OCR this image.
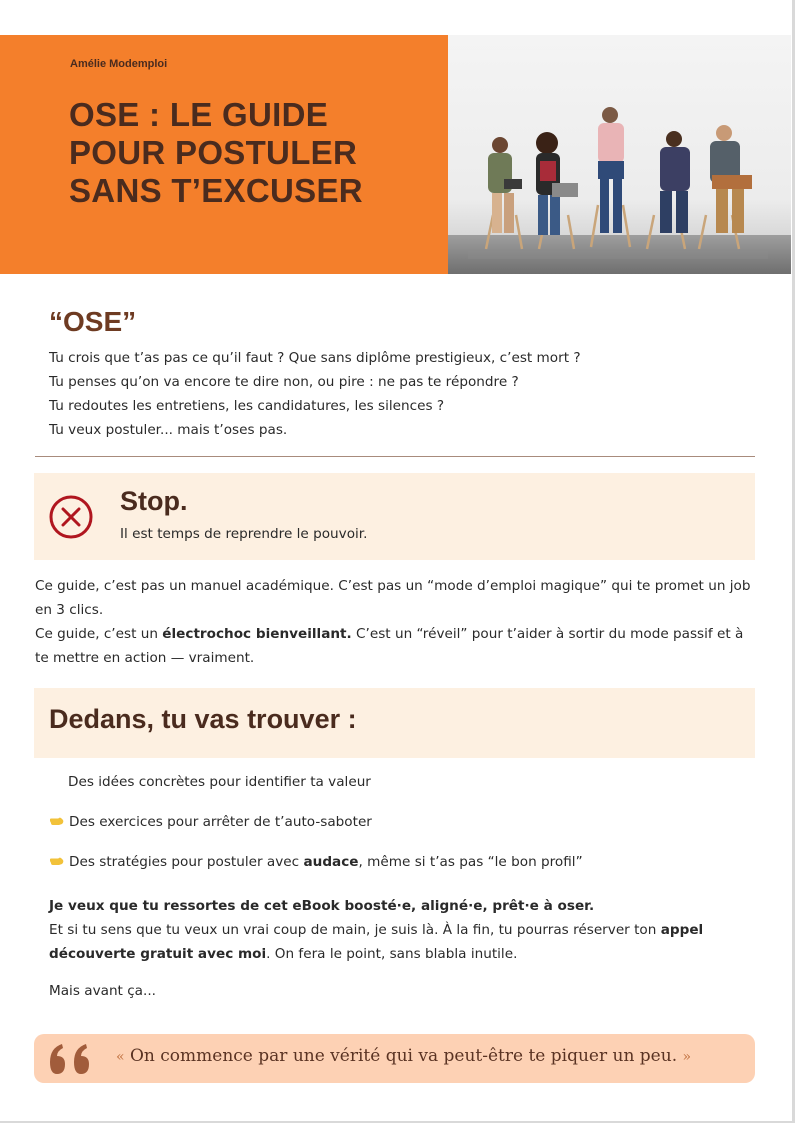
Amélie Modemploi
OSE : LE GUIDE
POUR POSTULER
SANS T’EXCUSER
“OSE”
Tu crois que t’as pas ce qu’il faut ? Que sans diplôme prestigieux, c’est mort ?
Tu penses qu’on va encore te dire non, ou pire : ne pas te répondre ?
Tu redoutes les entretiens, les candidatures, les silences ?
Tu veux postuler... mais t’oses pas.
Stop.
Il est temps de reprendre le pouvoir.
Ce guide, c’est pas un manuel académique. C’est pas un “mode d’emploi magique” qui te promet un job en 3 clics.
Ce guide, c’est un électrochoc bienveillant. C’est un “réveil” pour t’aider à sortir du mode passif et à te mettre en action — vraiment.
Dedans, tu vas trouver :
Des idées concrètes pour identifier ta valeur
Des exercices pour arrêter de t’auto-saboter
Des stratégies pour postuler avec audace, même si t’as pas “le bon profil”
Je veux que tu ressortes de cet eBook boosté·e, aligné·e, prêt·e à oser.
Et si tu sens que tu veux un vrai coup de main, je suis là. À la fin, tu pourras réserver ton appel découverte gratuit avec moi. On fera le point, sans blabla inutile.
Mais avant ça...
« On commence par une vérité qui va peut-être te piquer un peu. »
